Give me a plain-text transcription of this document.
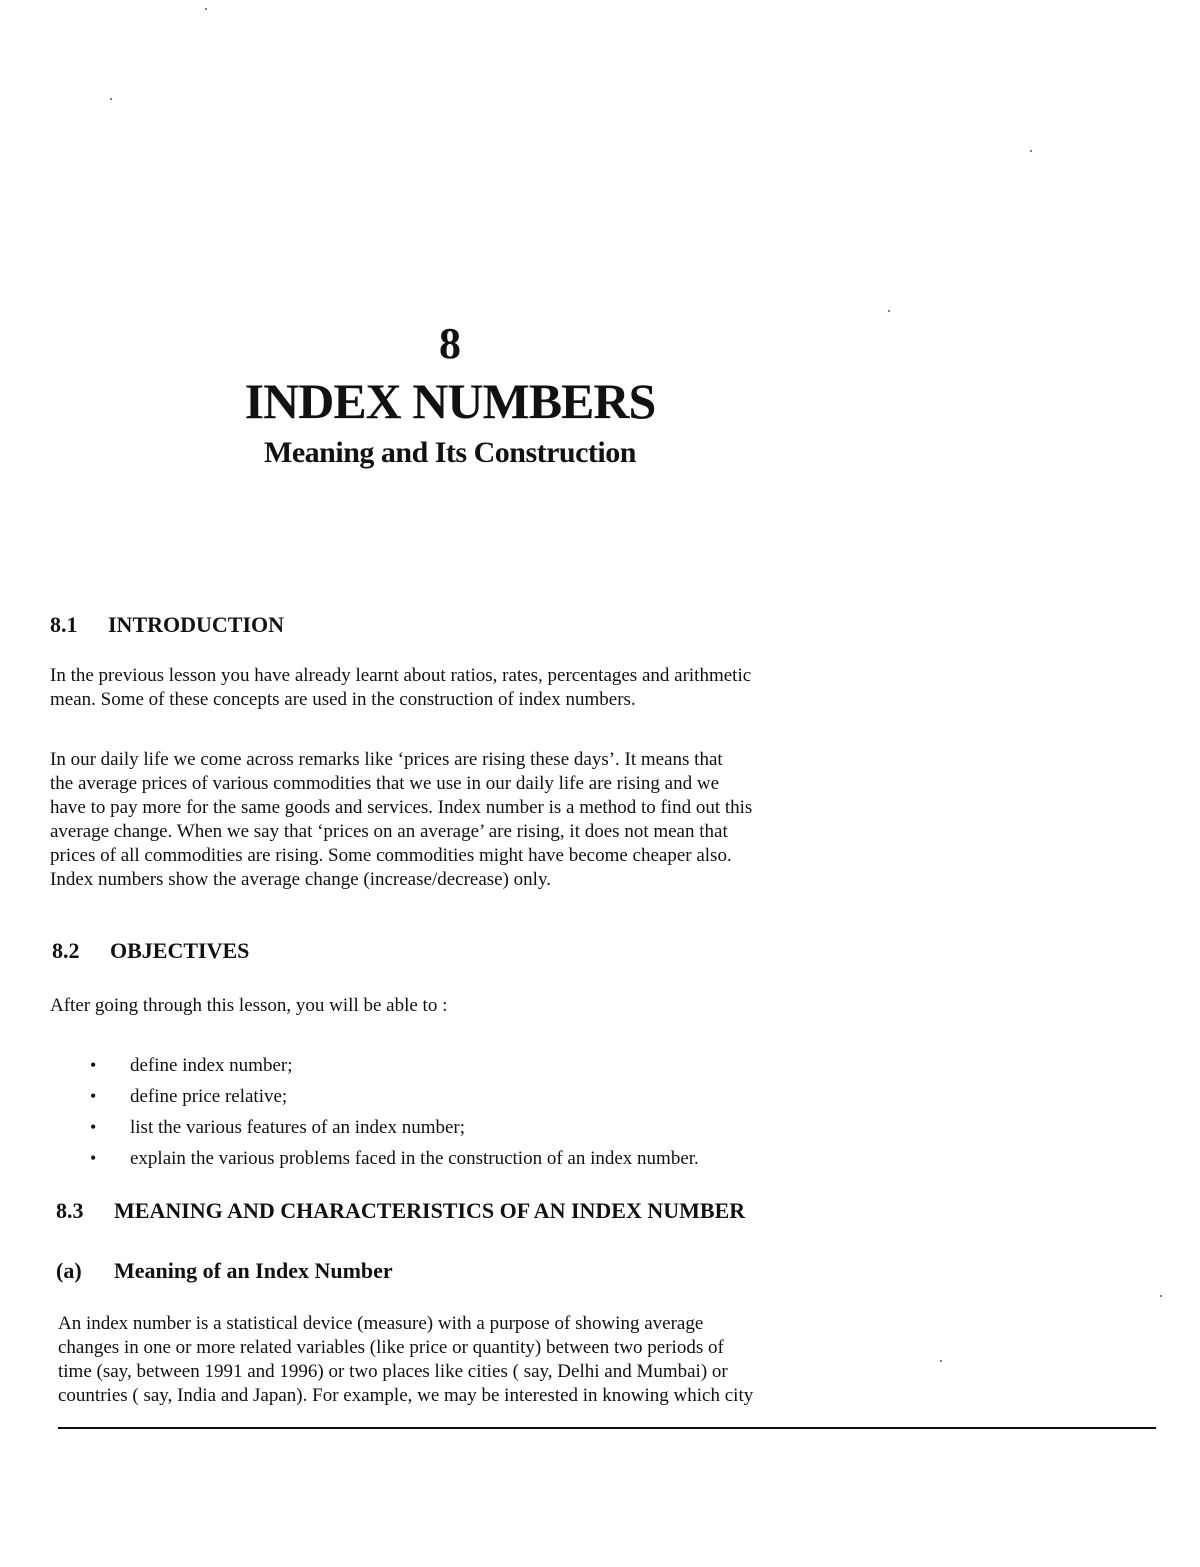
8
INDEX NUMBERS
Meaning and Its Construction
8.1 INTRODUCTION
In the previous lesson you have already learnt about ratios, rates, percentages and arithmetic
mean. Some of these concepts are used in the construction of index numbers.
In our daily life we come across remarks like ‘prices are rising these days’. It means that
the average prices of various commodities that we use in our daily life are rising and we
have to pay more for the same goods and services. Index number is a method to find out this
average change. When we say that ‘prices on an average’ are rising, it does not mean that
prices of all commodities are rising. Some commodities might have become cheaper also.
Index numbers show the average change (increase/decrease) only.
8.2 OBJECTIVES
After going through this lesson, you will be able to :
• define index number;
• define price relative;
• list the various features of an index number;
• explain the various problems faced in the construction of an index number.
8.3 MEANING AND CHARACTERISTICS OF AN INDEX NUMBER
(a) Meaning of an Index Number
An index number is a statistical device (measure) with a purpose of showing average
changes in one or more related variables (like price or quantity) between two periods of
time (say, between 1991 and 1996) or two places like cities ( say, Delhi and Mumbai) or
countries ( say, India and Japan). For example, we may be interested in knowing which city
